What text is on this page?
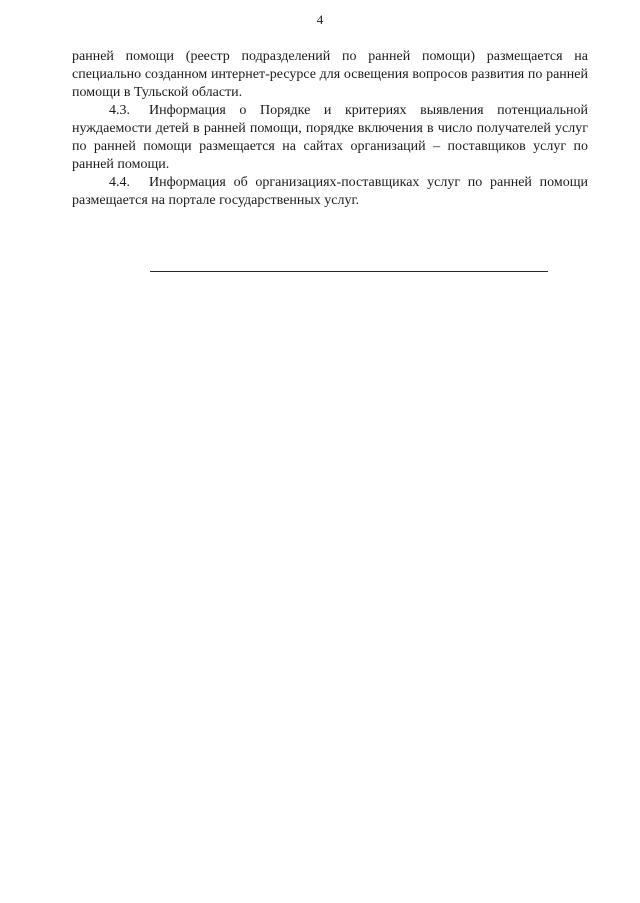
4

ранней помощи (реестр подразделений по ранней помощи) размещается на специально созданном интернет-ресурсе для освещения вопросов развития по ранней помощи в Тульской области.

4.3. Информация о Порядке и критериях выявления потенциальной нуждаемости детей в ранней помощи, порядке включения в число получателей услуг по ранней помощи размещается на сайтах организаций – поставщиков услуг по ранней помощи.

4.4. Информация об организациях-поставщиках услуг по ранней помощи размещается на портале государственных услуг.
